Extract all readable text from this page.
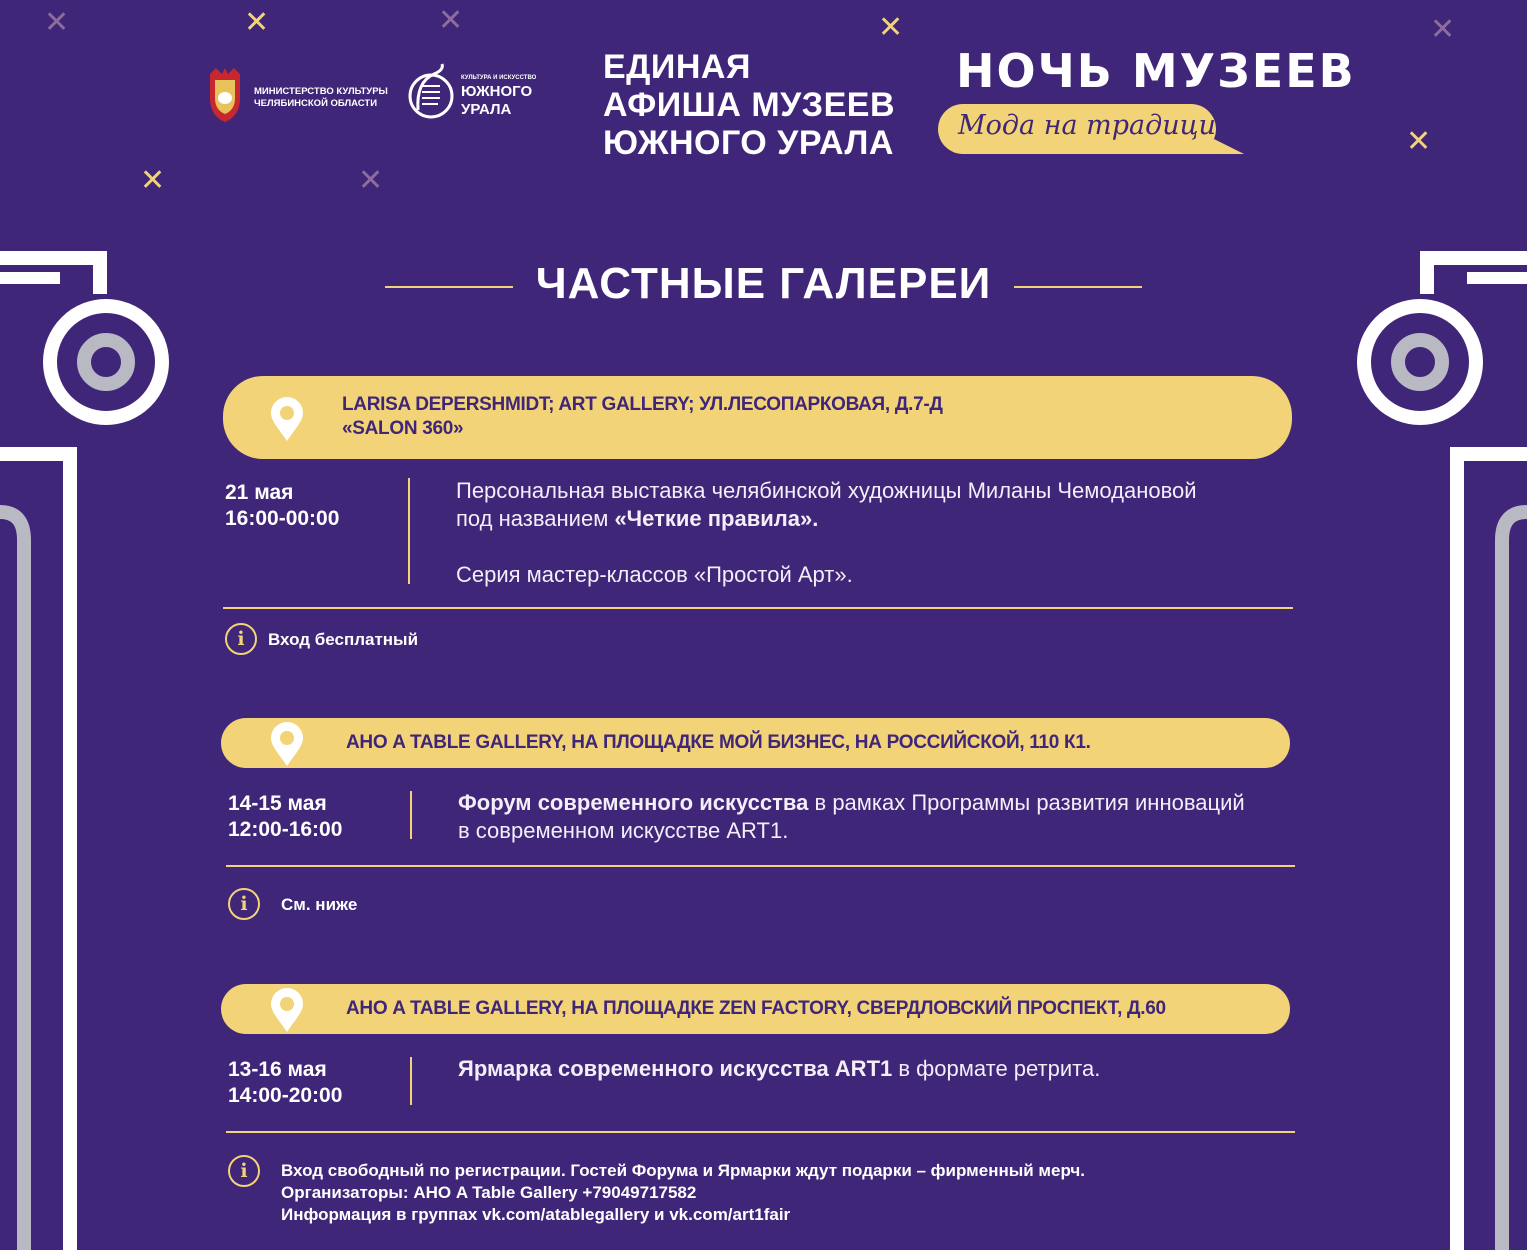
✕	✕	✕	✕	✕
✕	✕
✕
МИНИСТЕРСТВО КУЛЬТУРЫ
ЧЕЛЯБИНСКОЙ ОБЛАСТИ
КУЛЬТУРА И ИСКУССТВО
ЮЖНОГО
УРАЛА
ЕДИНАЯ
АФИША МУЗЕЕВ
ЮЖНОГО УРАЛА
НОЧЬ МУЗЕЕВ
Мода на традиции
ЧАСТНЫЕ ГАЛЕРЕИ
LARISA DEPERSHMIDT; ART GALLERY; УЛ.ЛЕСОПАРКОВАЯ, Д.7-Д
«SALON 360»
21 мая
16:00-00:00
Персональная выставка челябинской художницы Миланы Чемодановой
под названием «Четкие правила».
Серия мастер-классов «Простой Арт».
i	Вход бесплатный
АНО A TABLE GALLERY, НА ПЛОЩАДКЕ МОЙ БИЗНЕС, НА РОССИЙСКОЙ, 110 К1.
14-15 мая
12:00-16:00
Форум современного искусства в рамках Программы развития инноваций
в современном искусстве ART1.
i	См. ниже
АНО A TABLE GALLERY, НА ПЛОЩАДКЕ ZEN FACTORY, СВЕРДЛОВСКИЙ ПРОСПЕКТ, Д.60
13-16 мая
14:00-20:00
Ярмарка современного искусства ART1 в формате ретрита.
i	Вход свободный по регистрации. Гостей Форума и Ярмарки ждут подарки – фирменный мерч.
Организаторы: АНО A Table Gallery +79049717582
Информация в группах vk.com/atablegallery и vk.com/art1fair
